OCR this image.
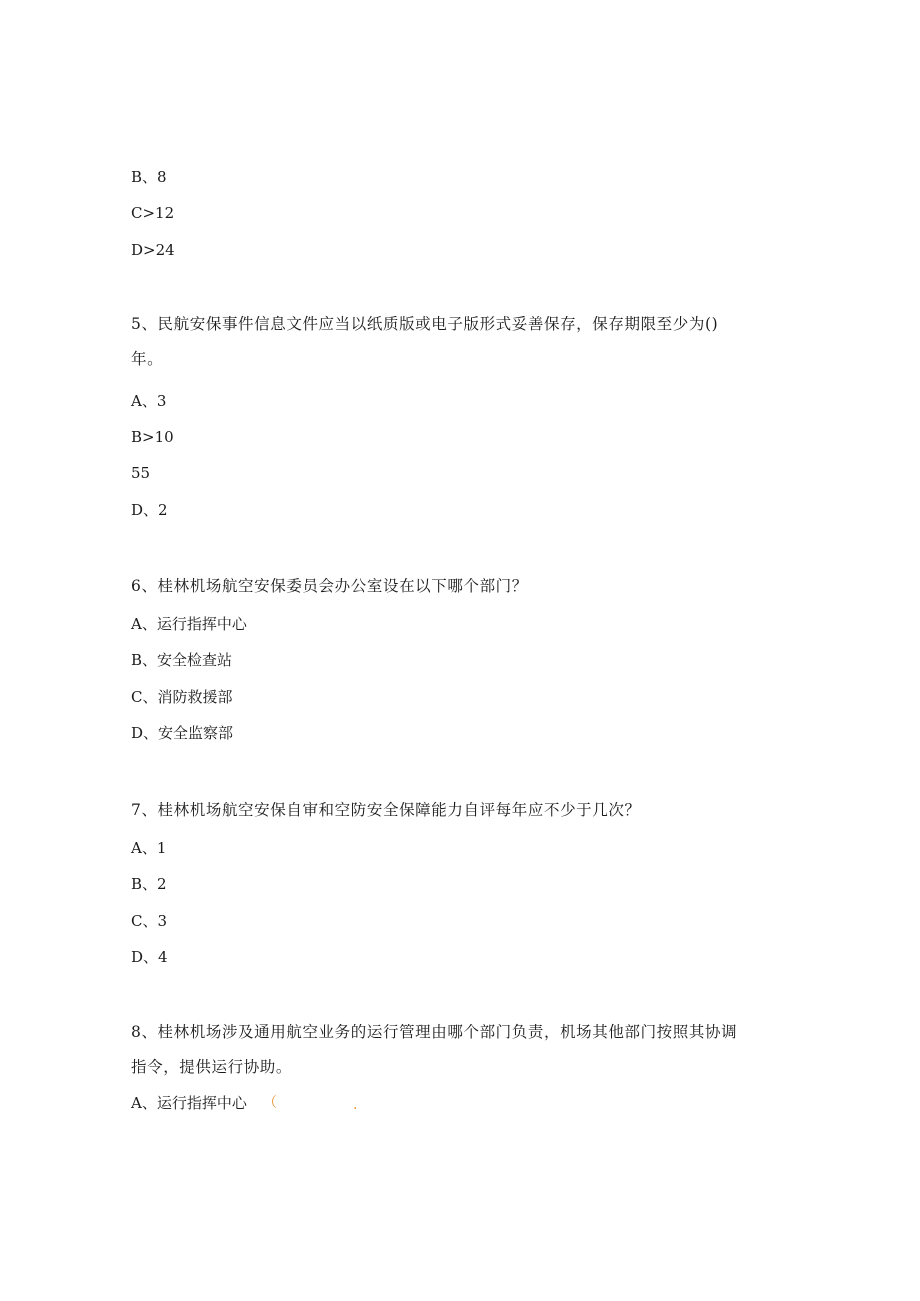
B、8
C>12
D>24
5、民航安保事件信息文件应当以纸质版或电子版形式妥善保存，保存期限至少为()
年。
A、3
B>10
55
D、2
6、桂林机场航空安保委员会办公室设在以下哪个部门？
A、运行指挥中心
B、安全检查站
C、消防救援部
D、安全监察部
7、桂林机场航空安保自审和空防安全保障能力自评每年应不少于几次？
A、1
B、2
C、3
D、4
8、桂林机场涉及通用航空业务的运行管理由哪个部门负责，机场其他部门按照其协调
指令，提供运行协助。
A、运行指挥中心 （	.
